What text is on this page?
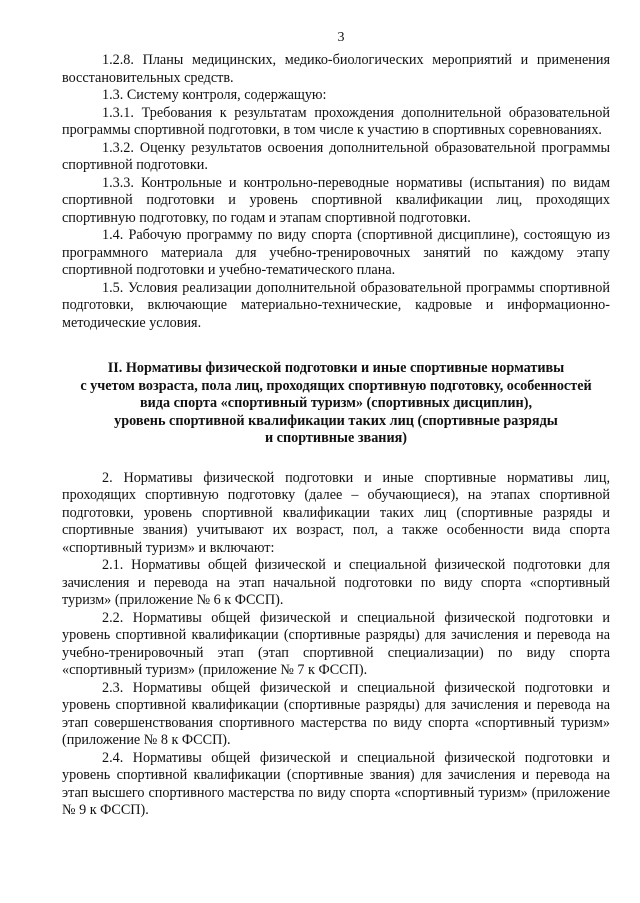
3

1.2.8. Планы медицинских, медико-биологических мероприятий и применения восстановительных средств.

1.3. Систему контроля, содержащую:

1.3.1. Требования к результатам прохождения дополнительной образовательной программы спортивной подготовки, в том числе к участию в спортивных соревнованиях.

1.3.2. Оценку результатов освоения дополнительной образовательной программы спортивной подготовки.

1.3.3. Контрольные и контрольно-переводные нормативы (испытания) по видам спортивной подготовки и уровень спортивной квалификации лиц, проходящих спортивную подготовку, по годам и этапам спортивной подготовки.

1.4. Рабочую программу по виду спорта (спортивной дисциплине), состоящую из программного материала для учебно-тренировочных занятий по каждому этапу спортивной подготовки и учебно-тематического плана.

1.5. Условия реализации дополнительной образовательной программы спортивной подготовки, включающие материально-технические, кадровые и информационно-методические условия.

II. Нормативы физической подготовки и иные спортивные нормативы
с учетом возраста, пола лиц, проходящих спортивную подготовку, особенностей
вида спорта «спортивный туризм» (спортивных дисциплин),
уровень спортивной квалификации таких лиц (спортивные разряды
и спортивные звания)

2. Нормативы физической подготовки и иные спортивные нормативы лиц, проходящих спортивную подготовку (далее – обучающиеся), на этапах спортивной подготовки, уровень спортивной квалификации таких лиц (спортивные разряды и спортивные звания) учитывают их возраст, пол, а также особенности вида спорта «спортивный туризм» и включают:

2.1. Нормативы общей физической и специальной физической подготовки для зачисления и перевода на этап начальной подготовки по виду спорта «спортивный туризм» (приложение № 6 к ФССП).

2.2. Нормативы общей физической и специальной физической подготовки и уровень спортивной квалификации (спортивные разряды) для зачисления и перевода на учебно-тренировочный этап (этап спортивной специализации) по виду спорта «спортивный туризм» (приложение № 7 к ФССП).

2.3. Нормативы общей физической и специальной физической подготовки и уровень спортивной квалификации (спортивные разряды) для зачисления и перевода на этап совершенствования спортивного мастерства по виду спорта «спортивный туризм» (приложение № 8 к ФССП).

2.4. Нормативы общей физической и специальной физической подготовки и уровень спортивной квалификации (спортивные звания) для зачисления и перевода на этап высшего спортивного мастерства по виду спорта «спортивный туризм» (приложение № 9 к ФССП).
